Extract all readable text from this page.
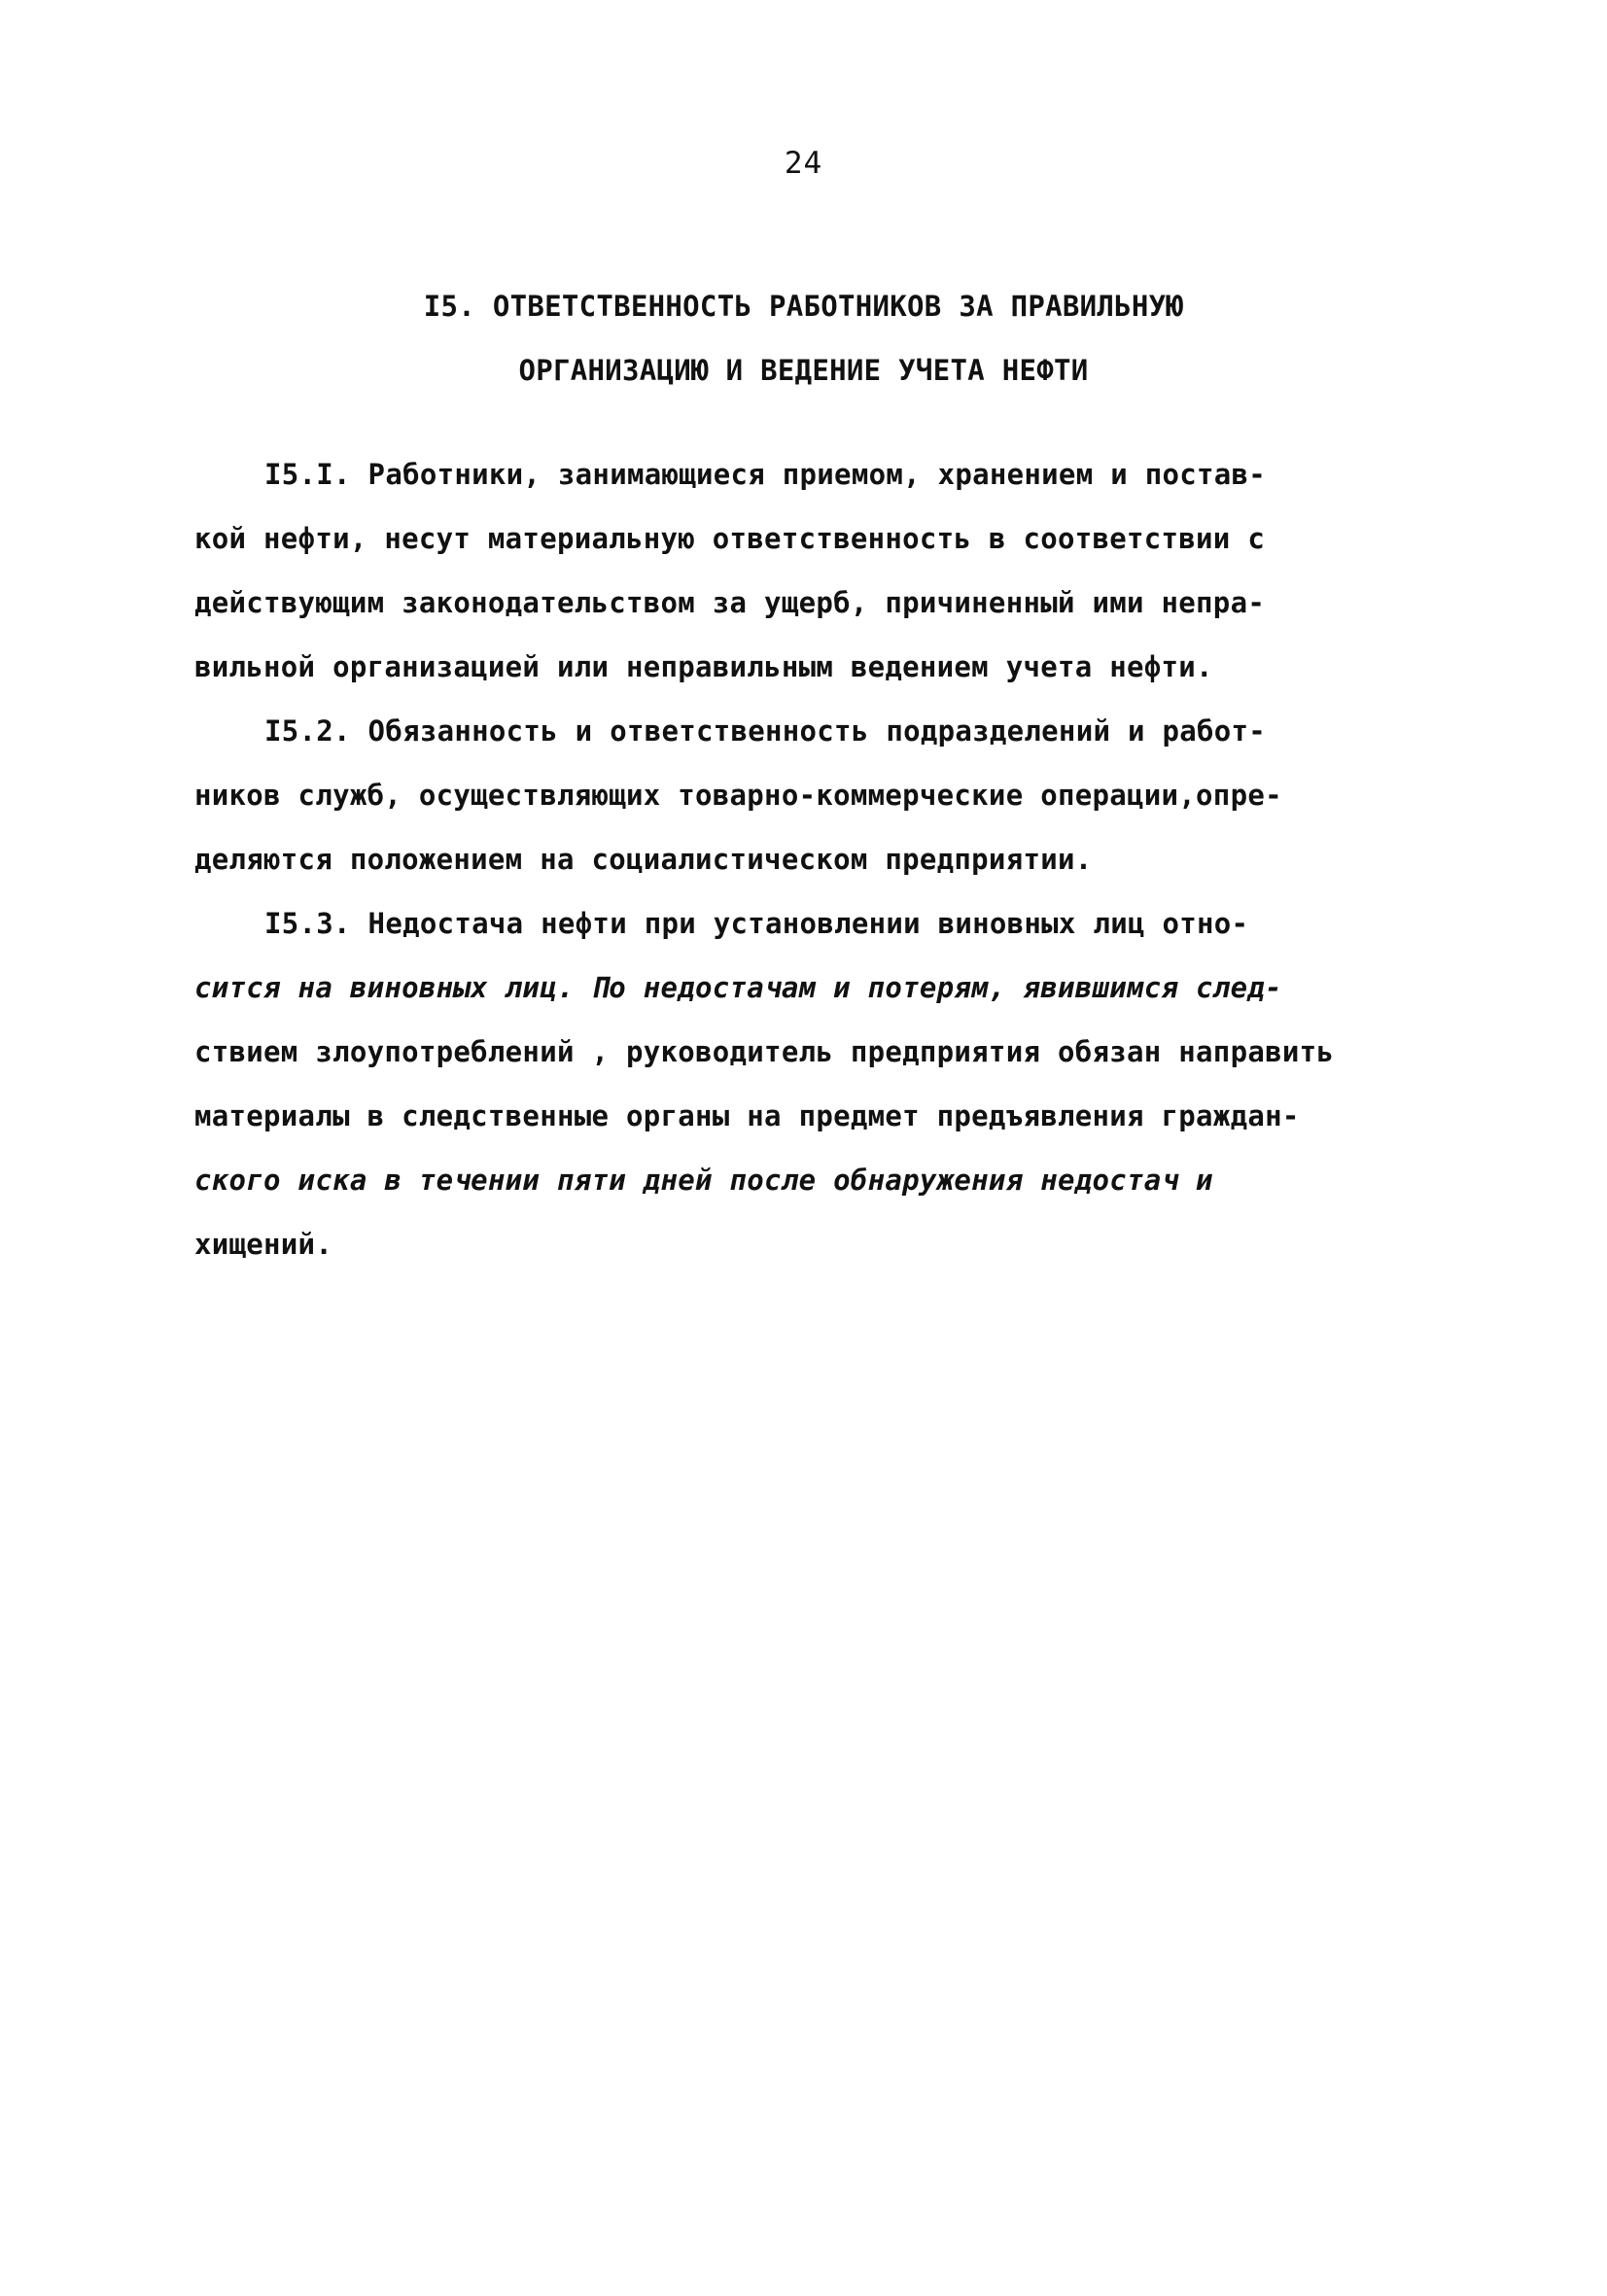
24
I5. ОТВЕТСТВЕННОСТЬ РАБОТНИКОВ ЗА ПРАВИЛЬНУЮ
ОРГАНИЗАЦИЮ И ВЕДЕНИЕ УЧЕТА НЕФТИ
I5.I. Работники, занимающиеся приемом, хранением и постав-
кой нефти, несут материальную ответственность в соответствии с
действующим законодательством за ущерб, причиненный ими непра-
вильной организацией или неправильным ведением учета нефти.
I5.2. Обязанность и ответственность подразделений и работ-
ников служб, осуществляющих товарно-коммерческие операции,опре-
деляются положением на социалистическом предприятии.
I5.3. Недостача нефти при установлении виновных лиц отно-
сится на виновных лиц. По недостачам и потерям, явившимся след-
ствием злоупотреблений , руководитель предприятия обязан направить
материалы в следственные органы на предмет предъявления граждан-
ского иска в течении пяти дней после обнаружения недостач и
хищений.
